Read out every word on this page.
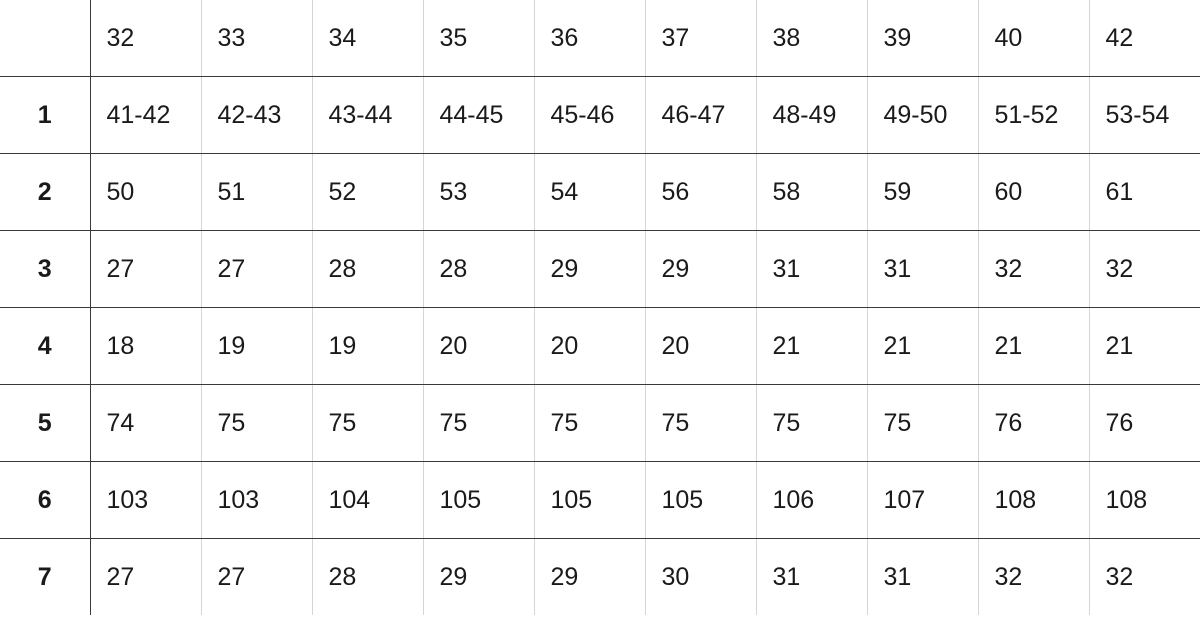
	32	33	34	35	36	37	38	39	40	42
1	41-42	42-43	43-44	44-45	45-46	46-47	48-49	49-50	51-52	53-54
2	50	51	52	53	54	56	58	59	60	61
3	27	27	28	28	29	29	31	31	32	32
4	18	19	19	20	20	20	21	21	21	21
5	74	75	75	75	75	75	75	75	76	76
6	103	103	104	105	105	105	106	107	108	108
7	27	27	28	29	29	30	31	31	32	32
